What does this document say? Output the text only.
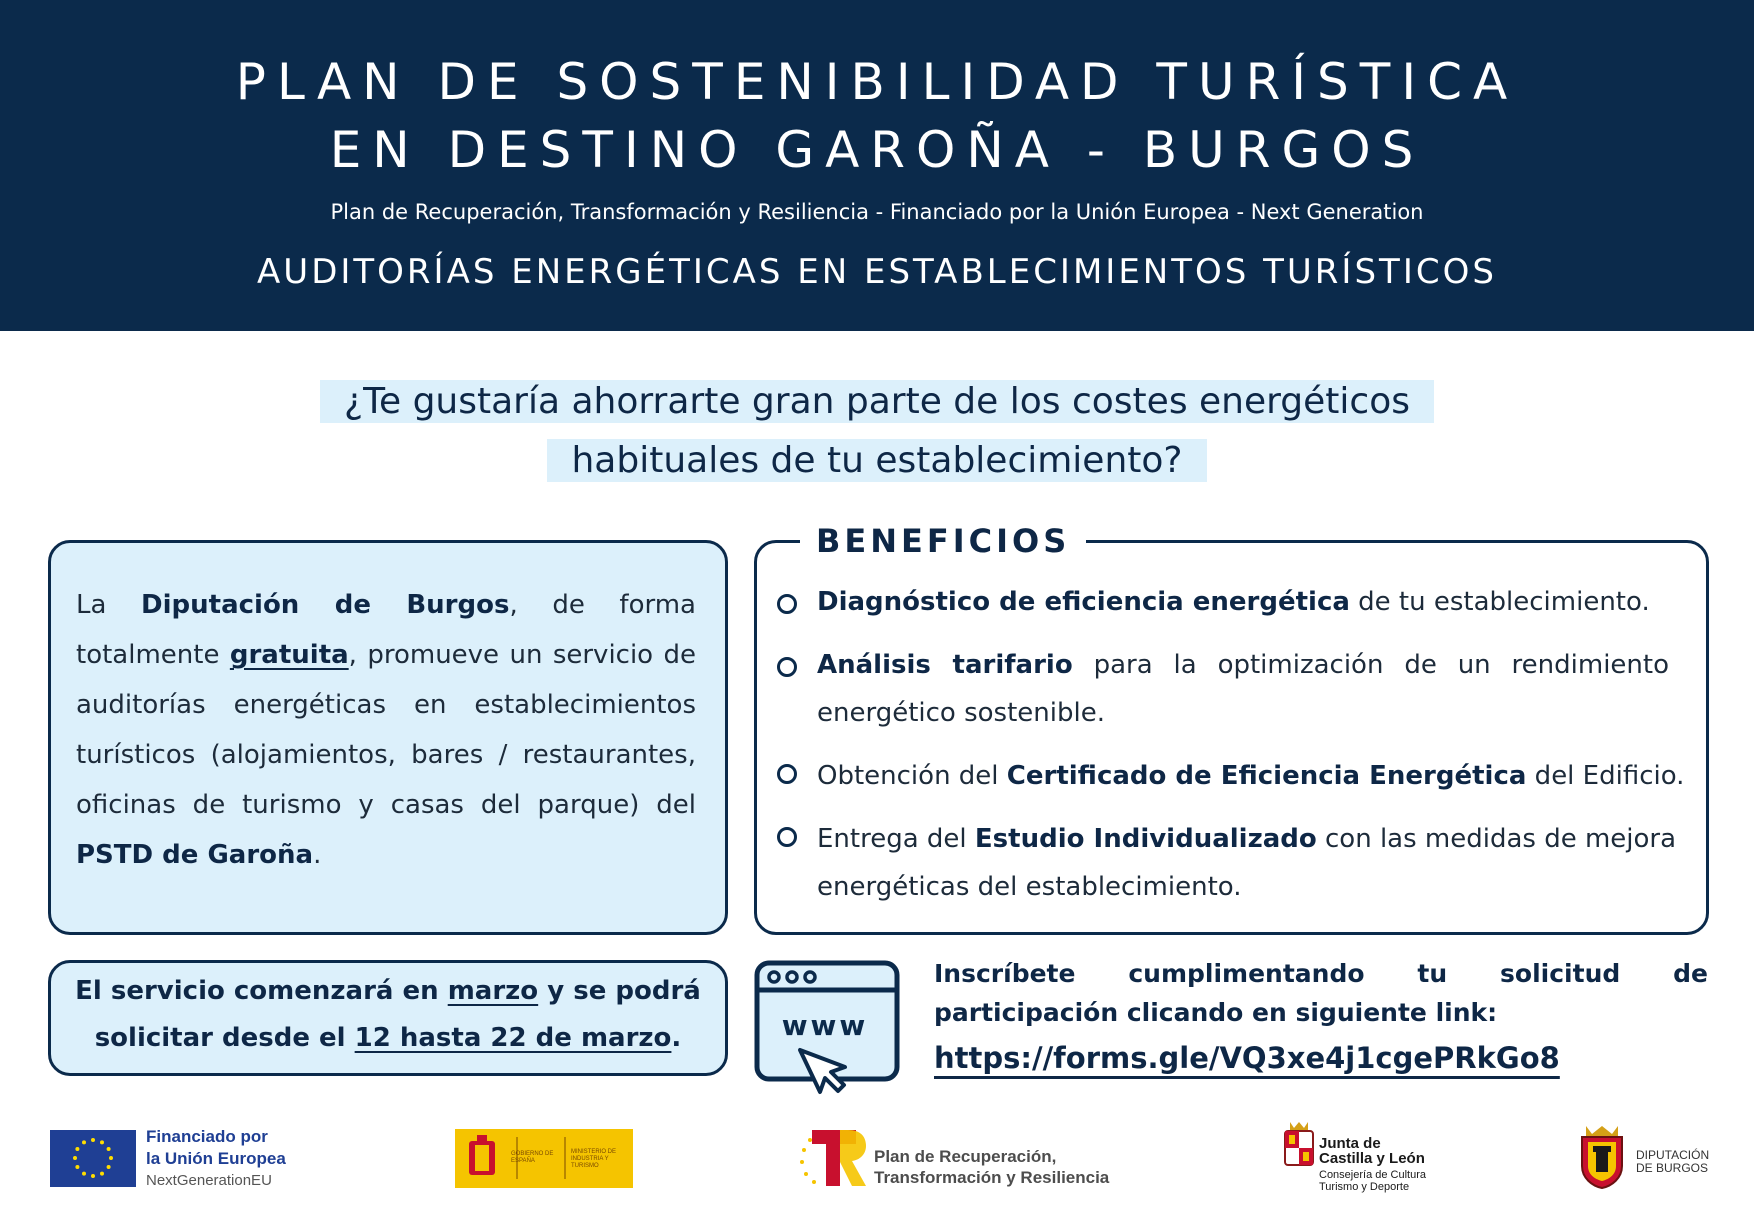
PLAN DE SOSTENIBILIDAD TURÍSTICA
EN DESTINO GAROÑA - BURGOS
Plan de Recuperación, Transformación y Resiliencia - Financiado por la Unión Europea - Next Generation
AUDITORÍAS ENERGÉTICAS EN ESTABLECIMIENTOS TURÍSTICOS
¿Te gustaría ahorrarte gran parte de los costes energéticos
habituales de tu establecimiento?
La Diputación de Burgos, de forma totalmente gratuita, promueve un servicio de auditorías energéticas en establecimientos turísticos (alojamientos, bares / restaurantes, oficinas de turismo y casas del parque) del PSTD de Garoña.
BENEFICIOS
Diagnóstico de eficiencia energética de tu establecimiento.
Análisis tarifario para la optimización de un rendimiento energético sostenible.
Obtención del Certificado de Eficiencia Energética del Edificio.
Entrega del Estudio Individualizado con las medidas de mejora energéticas del establecimiento.
El servicio comenzará en marzo y se podrá solicitar desde el 12 hasta 22 de marzo.	www
Inscríbete cumplimentando tu solicitud de participación clicando en siguiente link:
https://forms.gle/VQ3xe4j1cgePRkGo8
Financiado por
la Unión Europea
NextGenerationEU
GOBIERNO DE ESPAÑA
MINISTERIO DE INDUSTRIA Y TURISMO	Plan de Recuperación,
Transformación y Resiliencia
Junta de
Castilla y León
Consejería de Cultura
Turismo y Deporte
DIPUTACIÓN
DE BURGOS
